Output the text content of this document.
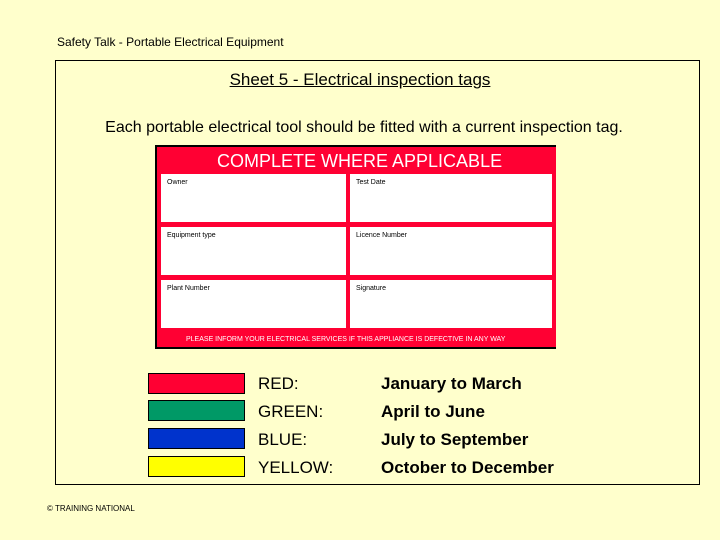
Safety Talk - Portable Electrical Equipment
Sheet 5 - Electrical inspection tags
Each portable electrical tool should be fitted with a current inspection tag.
COMPLETE WHERE APPLICABLE
Owner	Test Date
Equipment type	Licence Number
Plant Number	Signature
PLEASE INFORM YOUR ELECTRICAL SERVICES IF THIS APPLIANCE IS DEFECTIVE IN ANY WAY
RED:	January to March
GREEN:	April to June
BLUE:	July to September
YELLOW:	October to December
© TRAINING NATIONAL
